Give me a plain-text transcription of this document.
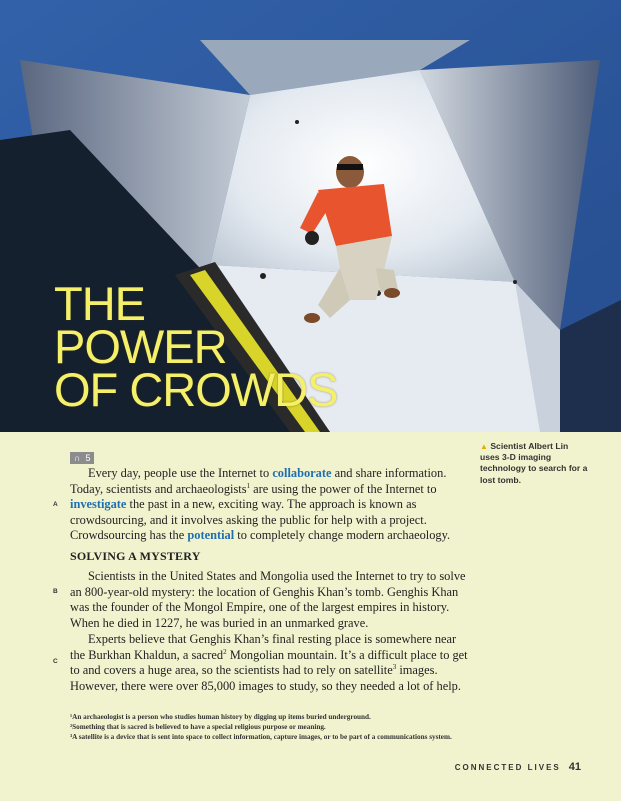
THE
POWER
OF CROWDS
∩ 5
▲ Scientist Albert Lin uses 3-D imaging technology to search for a lost tomb.

Every day, people use the Internet to collaborate and share information. Today, scientists and archaeologists$^1$ are using the power of the Internet to investigate the past in a new, exciting way. The approach is known as crowdsourcing, and it involves asking the public for help with a project. Crowdsourcing has the potential to completely change modern archaeology.

A
SOLVING A MYSTERY

Scientists in the United States and Mongolia used the Internet to try to solve an 800-year-old mystery: the location of Genghis Khan’s tomb. Genghis Khan was the founder of the Mongol Empire, one of the largest empires in history. When he died in 1227, he was buried in an unmarked grave.

B

Experts believe that Genghis Khan’s final resting place is somewhere near the Burkhan Khaldun, a sacred$^2$ Mongolian mountain. It’s a difficult place to get to and covers a huge area, so the scientists had to rely on satellite$^3$ images. However, there were over 85,000 images to study, so they needed a lot of help.

C
¹An archaeologist is a person who studies human history by digging up items buried underground.
²Something that is sacred is believed to have a special religious purpose or meaning.
³A satellite is a device that is sent into space to collect information, capture images, or to be part of a communications system.
CONNECTED LIVES 41
